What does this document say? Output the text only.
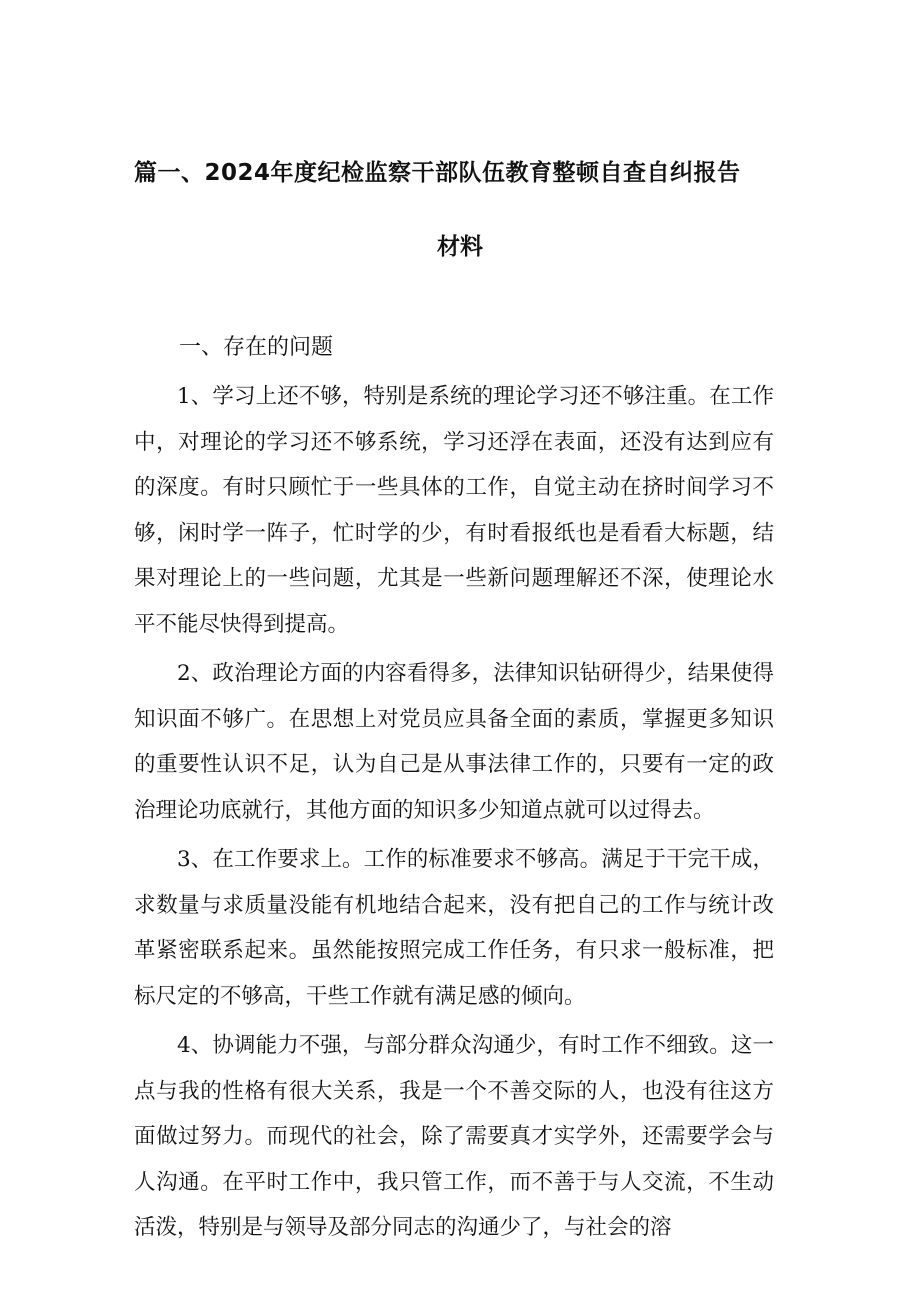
篇一、2024年度纪检监察干部队伍教育整顿自查自纠报告
材料
一、存在的问题

1、学习上还不够，特别是系统的理论学习还不够注重。在工作中，对理论的学习还不够系统，学习还浮在表面，还没有达到应有的深度。有时只顾忙于一些具体的工作，自觉主动在挤时间学习不够，闲时学一阵子，忙时学的少，有时看报纸也是看看大标题，结果对理论上的一些问题，尤其是一些新问题理解还不深，使理论水平不能尽快得到提高。

2、政治理论方面的内容看得多，法律知识钻研得少，结果使得知识面不够广。在思想上对党员应具备全面的素质，掌握更多知识的重要性认识不足，认为自己是从事法律工作的，只要有一定的政治理论功底就行，其他方面的知识多少知道点就可以过得去。

3、在工作要求上。工作的标准要求不够高。满足于干完干成，求数量与求质量没能有机地结合起来，没有把自己的工作与统计改革紧密联系起来。虽然能按照完成工作任务，有只求一般标准，把标尺定的不够高，干些工作就有满足感的倾向。

4、协调能力不强，与部分群众沟通少，有时工作不细致。这一点与我的性格有很大关系，我是一个不善交际的人，也没有往这方面做过努力。而现代的社会，除了需要真才实学外，还需要学会与人沟通。在平时工作中，我只管工作，而不善于与人交流，不生动活泼，特别是与领导及部分同志的沟通少了，与社会的溶
